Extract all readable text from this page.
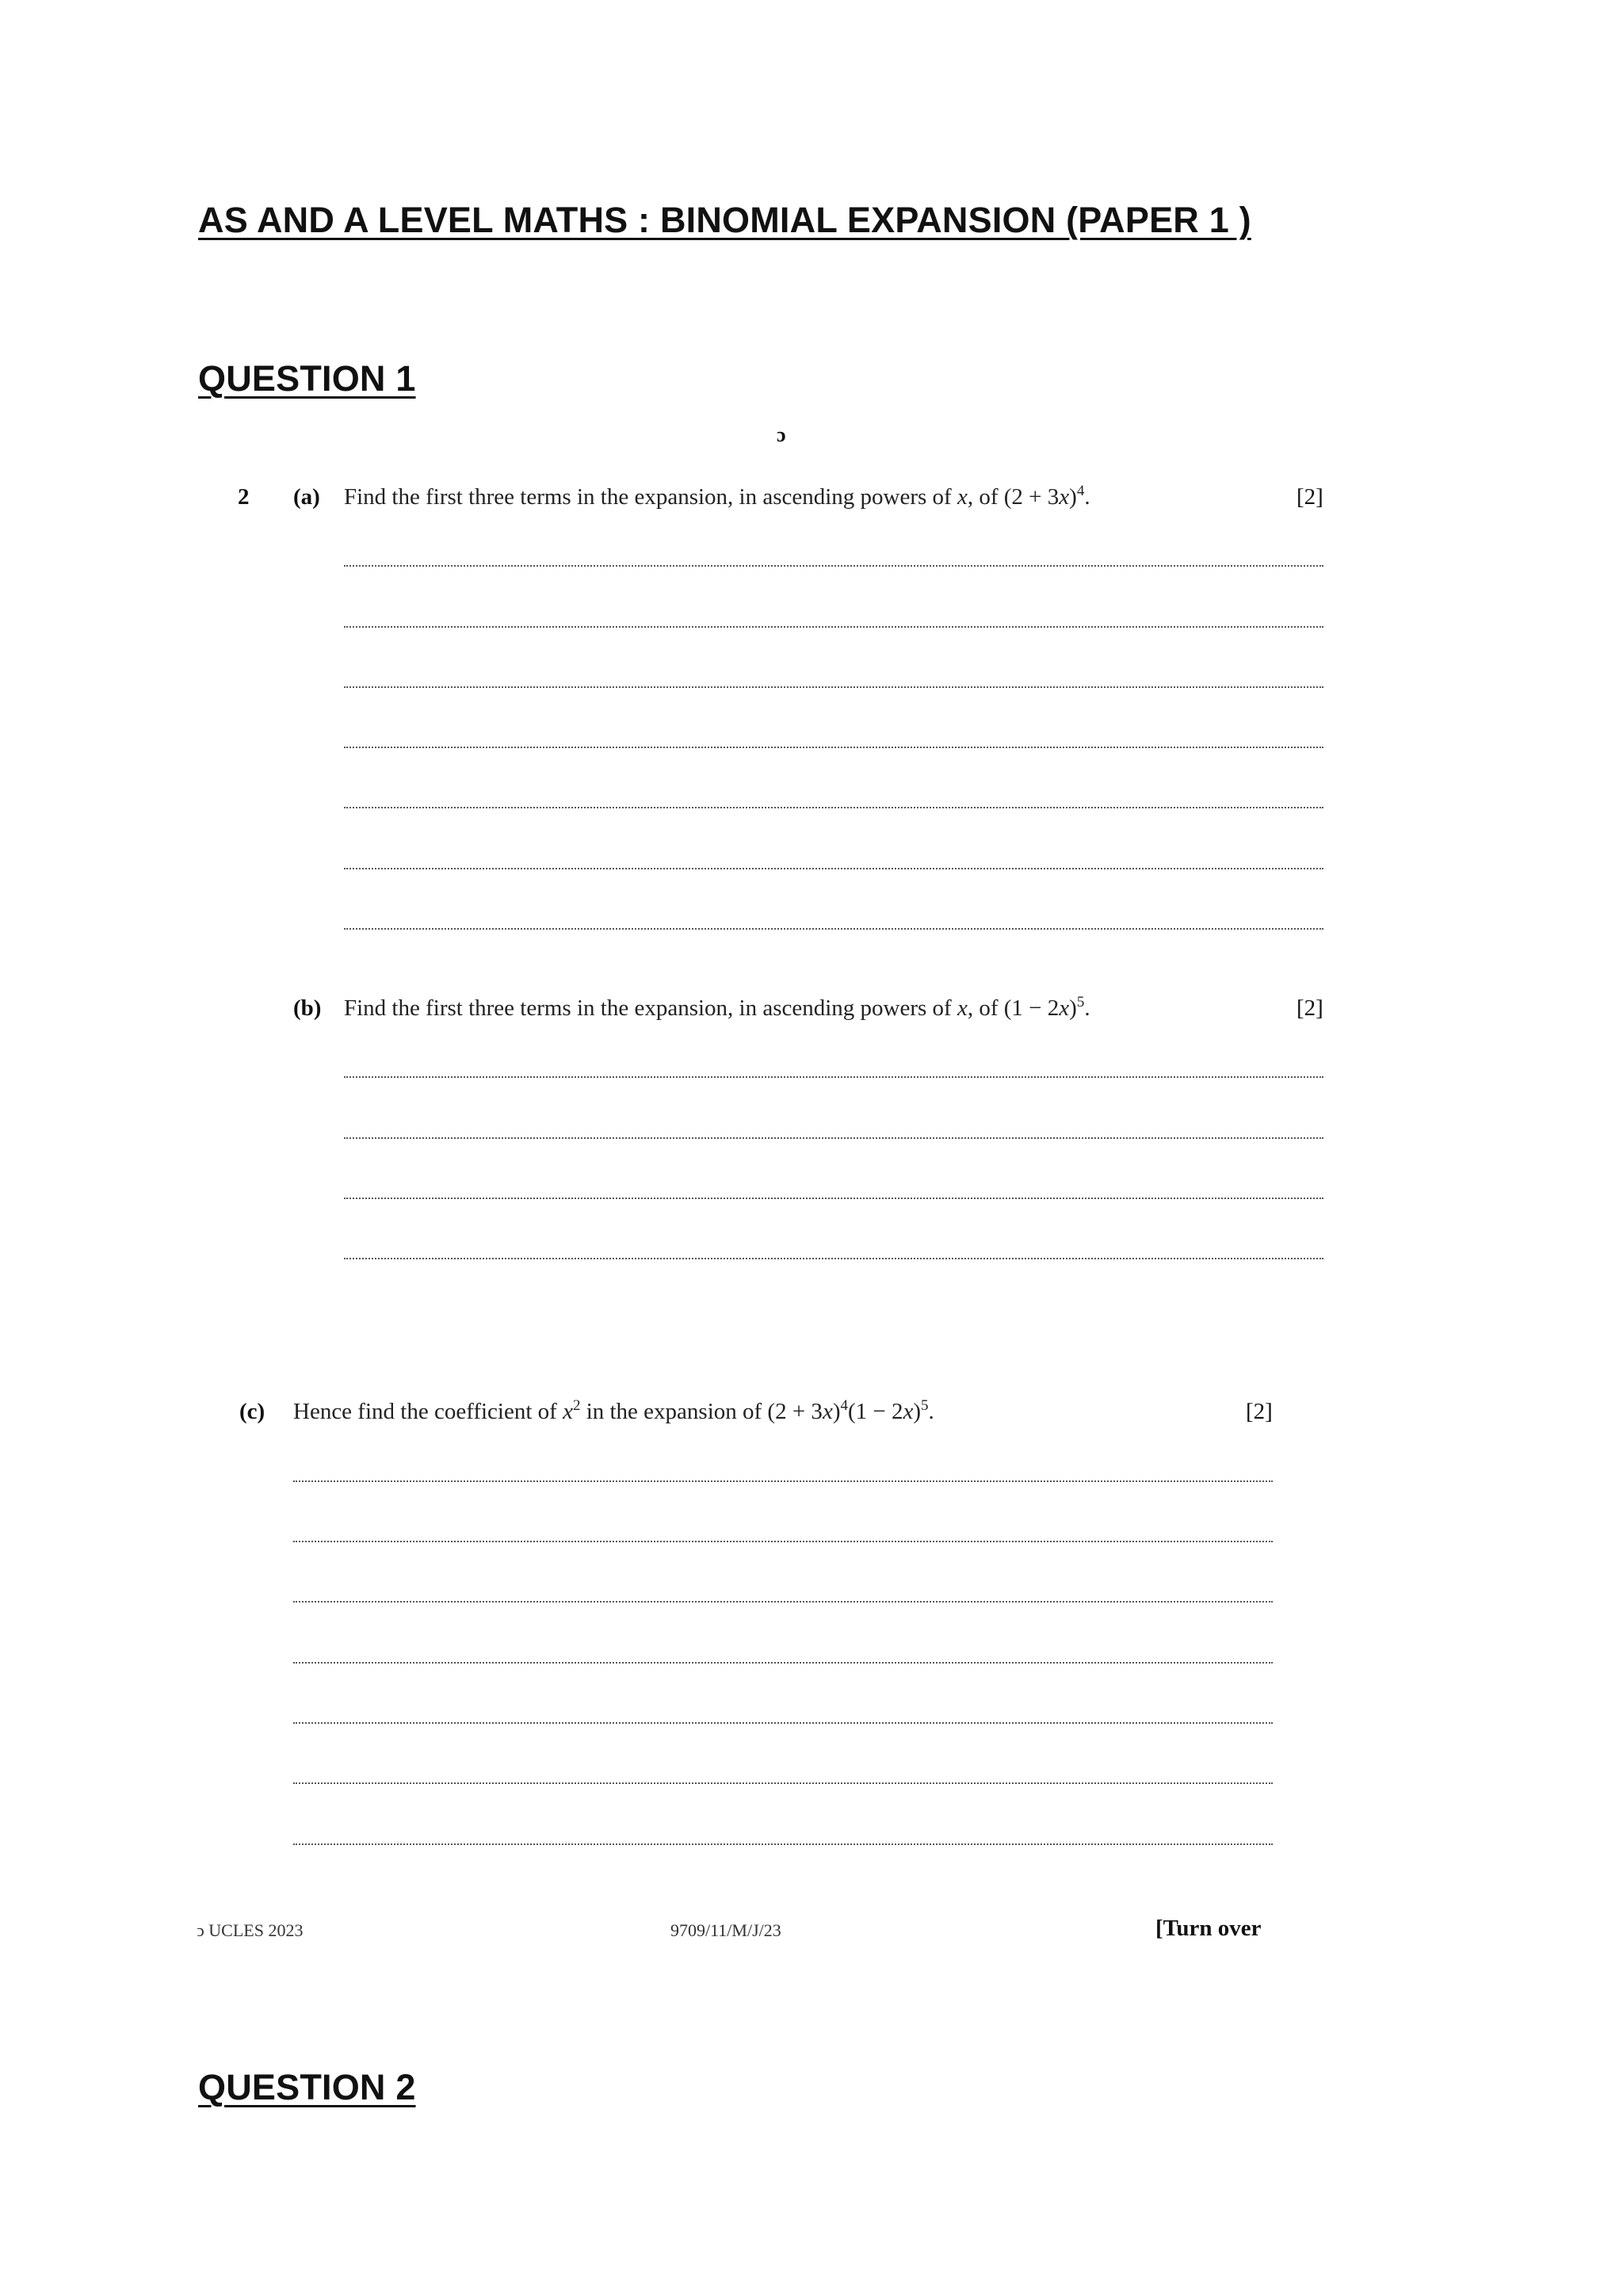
AS AND A LEVEL MATHS : BINOMIAL EXPANSION (PAPER 1 )
QUESTION 1
ɔ
2 (a) Find the first three terms in the expansion, in ascending powers of x, of $(2 + 3x)^4$.	[2]
(b) Find the first three terms in the expansion, in ascending powers of x, of $(1 - 2x)^5$.	[2]
(c) Hence find the coefficient of $x^2$ in the expansion of $(2 + 3x)^4(1 - 2x)^5$.	[2]
ↄ UCLES 2023	9709/11/M/J/23	[Turn over
QUESTION 2
